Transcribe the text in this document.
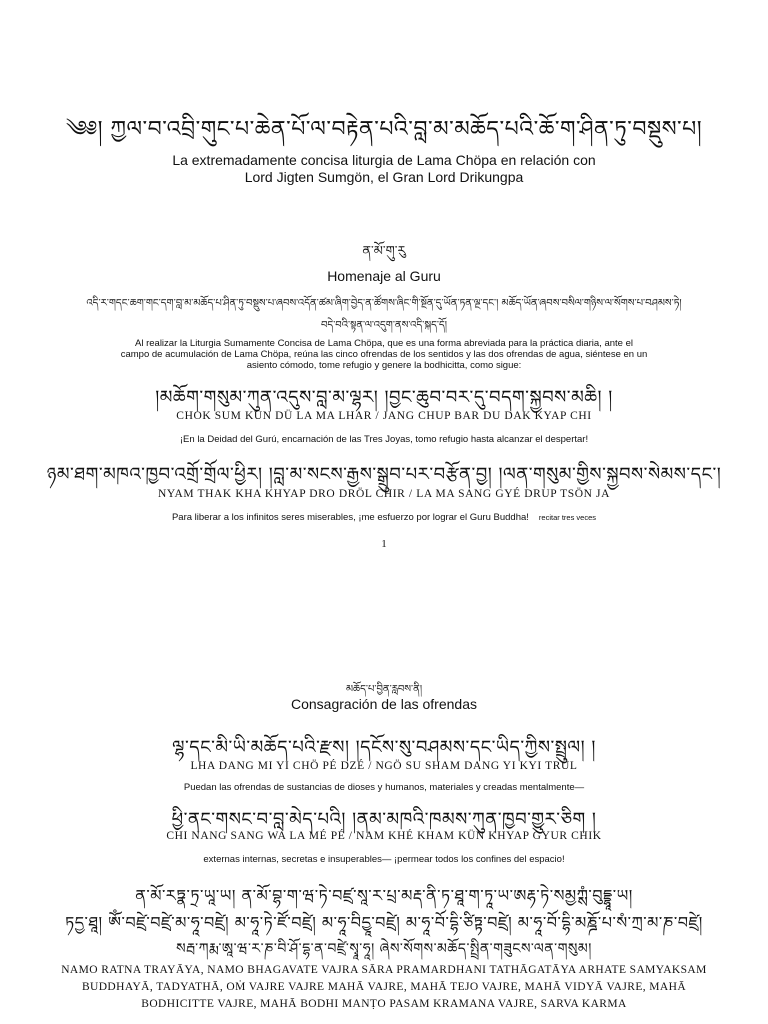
༄༅། ཀྱལ་བ་འབྲི་གུང་པ་ཆེན་པོ་ལ་བརྟེན་པའི་བླ་མ་མཆོད་པའི་ཆོ་ག་ཤིན་ཏུ་བསྡུས་པ།
La extremadamente concisa liturgia de Lama Chöpa en relación con Lord Jigten Sumgön, el Gran Lord Drikungpa
ན་མོ་གུ་རུ
Homenaje al Guru
འདི་ར་གདང་ཆག་གང་དག་བླ་མ་མཆོད་པ་ཤིན་ཏུ་བསྡུས་པ་ཞབས་འདོན་ཚམ་ཞིག་བྱེད་ན་ཚོགས་ཞིང་གི་སྔོན་དུ་ཡོན་ཏན་ལྔ་དང་། མཆོད་ཡོན་ཞབས་བསིལ་གཉིས་ལ་སོགས་པ་བཤམས་ཏེ།
བདེ་བའི་སྟན་ལ་འདུག་ནས་འདི་སྐད་དོ།
Al realizar la Liturgia Sumamente Concisa de Lama Chöpa, que es una forma abreviada para la práctica diaria, ante el campo de acumulación de Lama Chöpa, reúna las cinco ofrendas de los sentidos y las dos ofrendas de agua, siéntese en un asiento cómodo, tome refugio y genere la bodhicitta, como sigue:
།མཆོག་གསུམ་ཀུན་འདུས་བླ་མ་ལྷར། །བྱང་ཆུབ་བར་དུ་བདག་སྐྱབས་མཆི། །
CHOK SUM KÜN DÜ LA MA LHAR / JANG CHUP BAR DU DAK KYAP CHI
¡En la Deidad del Gurú, encarnación de las Tres Joyas, tomo refugio hasta alcanzar el despertar!
ཉམ་ཐག་མཁའ་ཁྱབ་འགྲོ་གྲོལ་ཕྱིར། །བླ་མ་སངས་རྒྱས་སྒྲུབ་པར་བརྩོན་བྱ། །ལན་གསུམ་གྱིས་སྐྱབས་སེམས་དང་།
NYAM THAK KHA KHYAP DRO DRÖL CHIR / LA MA SANG GYÉ DRUP TSÖN JA
Para liberar a los infinitos seres miserables, ¡me esfuerzo por lograr el Guru Buddha! recitar tres veces
1
མཆོད་པ་བྱིན་རླབས་ནི།
Consagración de las ofrendas
ལྷ་དང་མི་ཡི་མཆོད་པའི་རྫས། །དངོས་སུ་བཤམས་དང་ཡིད་ཀྱིས་སྤྲུལ། །
LHA DANG MI YI CHÖ PÉ DZÉ / NGÖ SU SHAM DANG YI KYI TRÜL
Puedan las ofrendas de sustancias de dioses y humanos, materiales y creadas mentalmente—
ཕྱི་ནང་གསང་བ་བླ་མེད་པའི། །ནམ་མཁའི་ཁམས་ཀུན་ཁྱབ་གྱུར་ཅིག །
CHI NANG SANG WA LA MÉ PÉ / NAM KHÉ KHAM KÜN KHYAP GYUR CHIK
externas internas, secretas e insuperables— ¡permear todos los confines del espacio!
ན་མོ་རཏྣ་ཏྲ་ཡཱ་ཡ། ན་མོ་བྷ་ག་ཝ་ཏེ་བཛྲ་སཱ་ར་པྲ་མརྡ་ནི་ཏ་ཐཱ་ག་ཏཱ་ཡ་ཨརྷ་ཏེ་སམྱཀྶཾ་བུདྡྷཱ་ཡ།
ཏདྱ་ཐཱ། ཨོཾ་བཛྲེ་བཛྲེ་མ་ཧཱ་བཛྲེ། མ་ཧཱ་ཏེ་ཛོ་བཛྲེ། མ་ཧཱ་བིདྱཱ་བཛྲེ། མ་ཧཱ་བོ་དྷི་ཙིཏྟ་བཛྲེ། མ་ཧཱ་བོ་དྷི་མཎྜོ་པ་སཾ་ཀྲ་མ་ཎ་བཛྲེ།
སརྦ་ཀརྨ་ཨཱ་ཝ་ར་ཎ་བི་ཤོ་དྷ་ན་བཛྲེ་སྭཱ་ཧཱ། ཞེས་སོགས་མཆོད་སྤྲིན་གཟུངས་ལན་གསུམ།
NAMO RATNA TRAYĀYA, NAMO BHAGAVATE VAJRA SĀRA PRAMARDHANI TATHĀGATĀYA ARHATE SAMYAKSAM BUDDHAYĀ, TADYATHĀ, OṀ VAJRE VAJRE MAHĀ VAJRE, MAHĀ TEJO VAJRE, MAHĀ VIDYĀ VAJRE, MAHĀ BODHICITTE VAJRE, MAHĀ BODHI MANṬO PASAM KRAMANA VAJRE, SARVA KARMA
